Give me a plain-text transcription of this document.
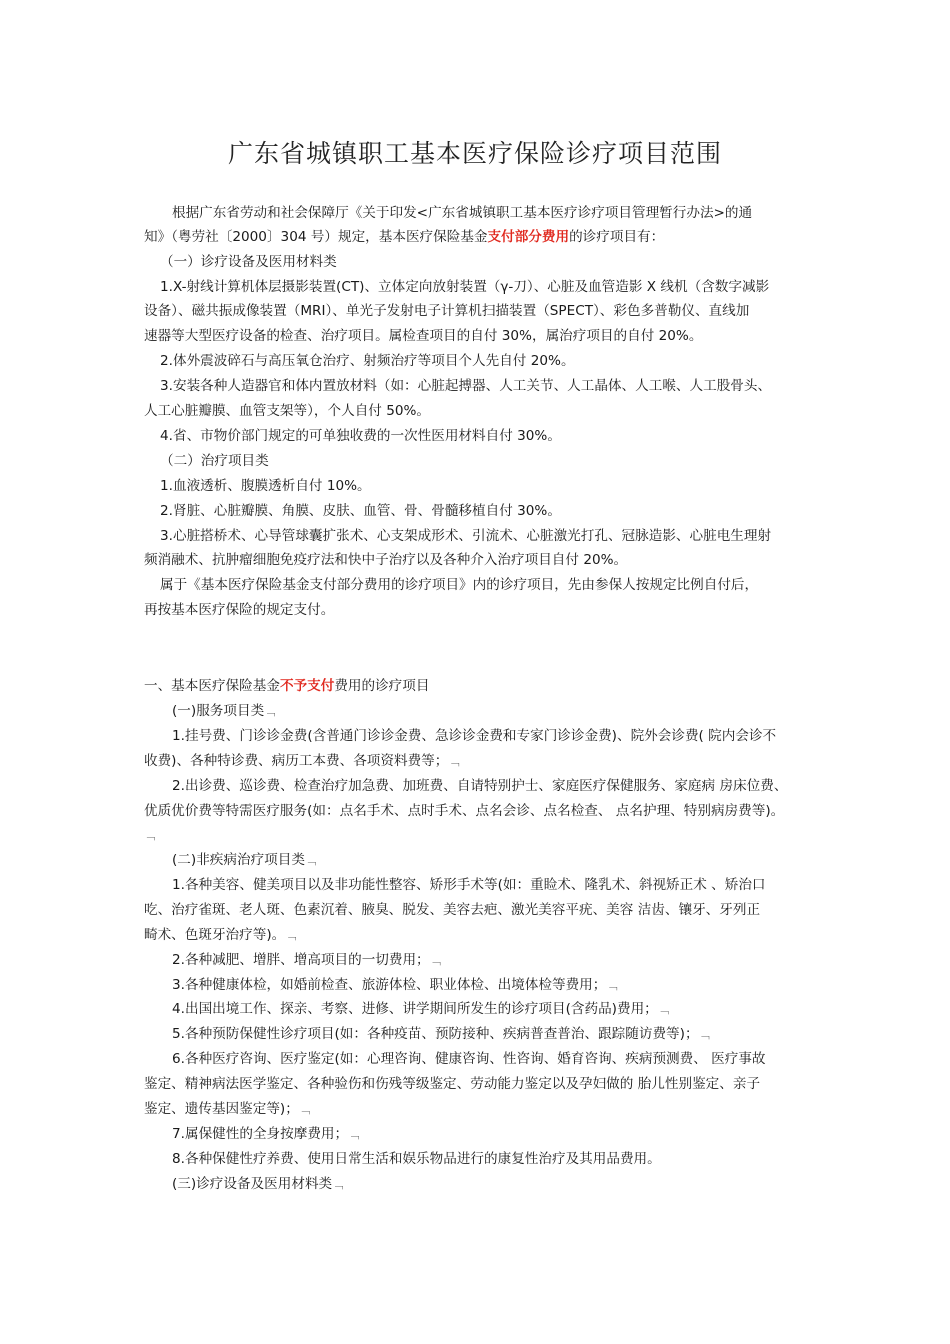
广东省城镇职工基本医疗保险诊疗项目范围

根据广东省劳动和社会保障厅《关于印发<广东省城镇职工基本医疗诊疗项目管理暂行办法>的通

知》（粤劳社〔2000〕304 号）规定，基本医疗保险基金支付部分费用的诊疗项目有：

（一）诊疗设备及医用材料类

1.X-射线计算机体层摄影装置(CT)、立体定向放射装置（γ-刀）、心脏及血管造影 X 线机（含数字减影

设备）、磁共振成像装置（MRI）、单光子发射电子计算机扫描装置（SPECT）、彩色多普勒仪、直线加

速器等大型医疗设备的检查、治疗项目。属检查项目的自付 30%，属治疗项目的自付 20%。

2.体外震波碎石与高压氧仓治疗、射频治疗等项目个人先自付 20%。

3.安装各种人造器官和体内置放材料（如：心脏起搏器、人工关节、人工晶体、人工喉、人工股骨头、

人工心脏瓣膜、血管支架等），个人自付 50%。

4.省、市物价部门规定的可单独收费的一次性医用材料自付 30%。

（二）治疗项目类

1.血液透析、腹膜透析自付 10%。

2.肾脏、心脏瓣膜、角膜、皮肤、血管、骨、骨髓移植自付 30%。

3.心脏搭桥术、心导管球囊扩张术、心支架成形术、引流术、心脏激光打孔、冠脉造影、心脏电生理射

频消融术、抗肿瘤细胞免疫疗法和快中子治疗以及各种介入治疗项目自付 20%。

属于《基本医疗保险基金支付部分费用的诊疗项目》内的诊疗项目，先由参保人按规定比例自付后，

再按基本医疗保险的规定支付。

一、基本医疗保险基金不予支付费用的诊疗项目

(一)服务项目类﹁

1.挂号费、门诊诊金费(含普通门诊诊金费、急诊诊金费和专家门诊诊金费)、院外会诊费( 院内会诊不

收费)、各种特诊费、病历工本费、各项资料费等；﹁

2.出诊费、巡诊费、检查治疗加急费、加班费、自请特别护士、家庭医疗保健服务、家庭病 房床位费、

优质优价费等特需医疗服务(如：点名手术、点时手术、点名会诊、点名检查、 点名护理、特别病房费等)。

﹁

(二)非疾病治疗项目类﹁

1.各种美容、健美项目以及非功能性整容、矫形手术等(如：重睑术、隆乳术、斜视矫正术 、矫治口

吃、治疗雀斑、老人斑、色素沉着、腋臭、脱发、美容去疤、激光美容平疣、美容 洁齿、镶牙、牙列正

畸术、色斑牙治疗等)。﹁

2.各种减肥、增胖、增高项目的一切费用；﹁

3.各种健康体检，如婚前检查、旅游体检、职业体检、出境体检等费用；﹁

4.出国出境工作、探亲、考察、进修、讲学期间所发生的诊疗项目(含药品)费用；﹁

5.各种预防保健性诊疗项目(如：各种疫苗、预防接种、疾病普查普治、跟踪随访费等)；﹁

6.各种医疗咨询、医疗鉴定(如：心理咨询、健康咨询、性咨询、婚育咨询、疾病预测费、 医疗事故

鉴定、精神病法医学鉴定、各种验伤和伤残等级鉴定、劳动能力鉴定以及孕妇做的 胎儿性别鉴定、亲子

鉴定、遗传基因鉴定等)；﹁

7.属保健性的全身按摩费用；﹁

8.各种保健性疗养费、使用日常生活和娱乐物品进行的康复性治疗及其用品费用。

(三)诊疗设备及医用材料类﹁
